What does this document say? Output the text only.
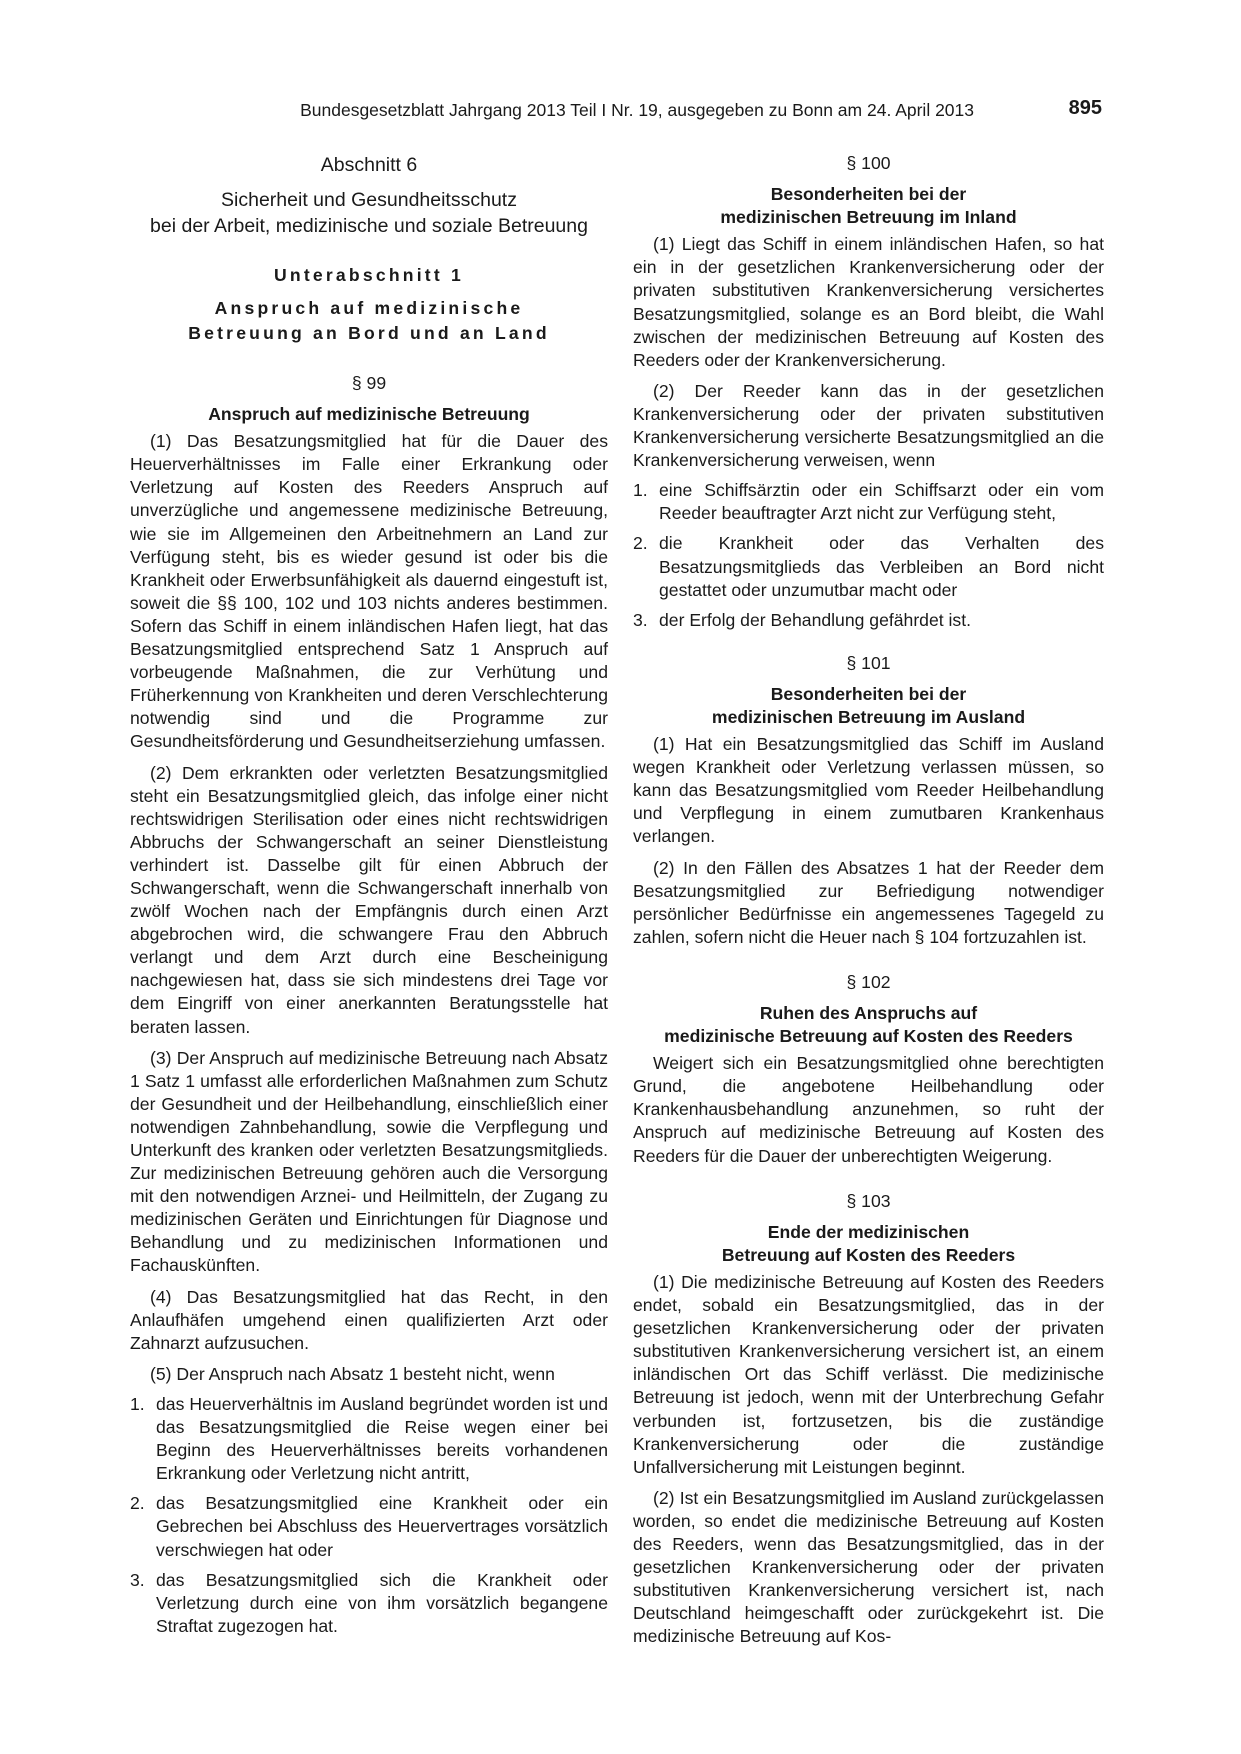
Bundesgesetzblatt Jahrgang 2013 Teil I Nr. 19, ausgegeben zu Bonn am 24. April 2013	895
Abschnitt 6
Sicherheit und Gesundheitsschutz
bei der Arbeit, medizinische und soziale Betreuung
Unterabschnitt 1
Anspruch auf medizinische
Betreuung an Bord und an Land
§ 99
Anspruch auf medizinische Betreuung

(1) Das Besatzungsmitglied hat für die Dauer des Heuerverhältnisses im Falle einer Erkrankung oder Verletzung auf Kosten des Reeders Anspruch auf unverzügliche und angemessene medizinische Betreuung, wie sie im Allgemeinen den Arbeitnehmern an Land zur Verfügung steht, bis es wieder gesund ist oder bis die Krankheit oder Erwerbsunfähigkeit als dauernd eingestuft ist, soweit die §§ 100, 102 und 103 nichts anderes bestimmen. Sofern das Schiff in einem inländischen Hafen liegt, hat das Besatzungsmitglied entsprechend Satz 1 Anspruch auf vorbeugende Maßnahmen, die zur Verhütung und Früherkennung von Krankheiten und deren Verschlechterung notwendig sind und die Programme zur Gesundheitsförderung und Gesundheitserziehung umfassen.

(2) Dem erkrankten oder verletzten Besatzungsmitglied steht ein Besatzungsmitglied gleich, das infolge einer nicht rechtswidrigen Sterilisation oder eines nicht rechtswidrigen Abbruchs der Schwangerschaft an seiner Dienstleistung verhindert ist. Dasselbe gilt für einen Abbruch der Schwangerschaft, wenn die Schwangerschaft innerhalb von zwölf Wochen nach der Empfängnis durch einen Arzt abgebrochen wird, die schwangere Frau den Abbruch verlangt und dem Arzt durch eine Bescheinigung nachgewiesen hat, dass sie sich mindestens drei Tage vor dem Eingriff von einer anerkannten Beratungsstelle hat beraten lassen.

(3) Der Anspruch auf medizinische Betreuung nach Absatz 1 Satz 1 umfasst alle erforderlichen Maßnahmen zum Schutz der Gesundheit und der Heilbehandlung, einschließlich einer notwendigen Zahnbehandlung, sowie die Verpflegung und Unterkunft des kranken oder verletzten Besatzungsmitglieds. Zur medizinischen Betreuung gehören auch die Versorgung mit den notwendigen Arznei- und Heilmitteln, der Zugang zu medizinischen Geräten und Einrichtungen für Diagnose und Behandlung und zu medizinischen Informationen und Fachauskünften.

(4) Das Besatzungsmitglied hat das Recht, in den Anlaufhäfen umgehend einen qualifizierten Arzt oder Zahnarzt aufzusuchen.

(5) Der Anspruch nach Absatz 1 besteht nicht, wenn

1. das Heuerverhältnis im Ausland begründet worden ist und das Besatzungsmitglied die Reise wegen einer bei Beginn des Heuerverhältnisses bereits vorhandenen Erkrankung oder Verletzung nicht antritt,
2. das Besatzungsmitglied eine Krankheit oder ein Gebrechen bei Abschluss des Heuervertrages vorsätzlich verschwiegen hat oder
3. das Besatzungsmitglied sich die Krankheit oder Verletzung durch eine von ihm vorsätzlich begangene Straftat zugezogen hat.
§ 100
Besonderheiten bei der
medizinischen Betreuung im Inland

(1) Liegt das Schiff in einem inländischen Hafen, so hat ein in der gesetzlichen Krankenversicherung oder der privaten substitutiven Krankenversicherung versichertes Besatzungsmitglied, solange es an Bord bleibt, die Wahl zwischen der medizinischen Betreuung auf Kosten des Reeders oder der Krankenversicherung.

(2) Der Reeder kann das in der gesetzlichen Krankenversicherung oder der privaten substitutiven Krankenversicherung versicherte Besatzungsmitglied an die Krankenversicherung verweisen, wenn

1. eine Schiffsärztin oder ein Schiffsarzt oder ein vom Reeder beauftragter Arzt nicht zur Verfügung steht,
2. die Krankheit oder das Verhalten des Besatzungsmitglieds das Verbleiben an Bord nicht gestattet oder unzumutbar macht oder
3. der Erfolg der Behandlung gefährdet ist.
§ 101
Besonderheiten bei der
medizinischen Betreuung im Ausland

(1) Hat ein Besatzungsmitglied das Schiff im Ausland wegen Krankheit oder Verletzung verlassen müssen, so kann das Besatzungsmitglied vom Reeder Heilbehandlung und Verpflegung in einem zumutbaren Krankenhaus verlangen.

(2) In den Fällen des Absatzes 1 hat der Reeder dem Besatzungsmitglied zur Befriedigung notwendiger persönlicher Bedürfnisse ein angemessenes Tagegeld zu zahlen, sofern nicht die Heuer nach § 104 fortzuzahlen ist.

§ 102
Ruhen des Anspruchs auf
medizinische Betreuung auf Kosten des Reeders

Weigert sich ein Besatzungsmitglied ohne berechtigten Grund, die angebotene Heilbehandlung oder Krankenhausbehandlung anzunehmen, so ruht der Anspruch auf medizinische Betreuung auf Kosten des Reeders für die Dauer der unberechtigten Weigerung.

§ 103
Ende der medizinischen
Betreuung auf Kosten des Reeders

(1) Die medizinische Betreuung auf Kosten des Reeders endet, sobald ein Besatzungsmitglied, das in der gesetzlichen Krankenversicherung oder der privaten substitutiven Krankenversicherung versichert ist, an einem inländischen Ort das Schiff verlässt. Die medizinische Betreuung ist jedoch, wenn mit der Unterbrechung Gefahr verbunden ist, fortzusetzen, bis die zuständige Krankenversicherung oder die zuständige Unfallversicherung mit Leistungen beginnt.

(2) Ist ein Besatzungsmitglied im Ausland zurückgelassen worden, so endet die medizinische Betreuung auf Kosten des Reeders, wenn das Besatzungsmitglied, das in der gesetzlichen Krankenversicherung oder der privaten substitutiven Krankenversicherung versichert ist, nach Deutschland heimgeschafft oder zurückgekehrt ist. Die medizinische Betreuung auf Kos-
